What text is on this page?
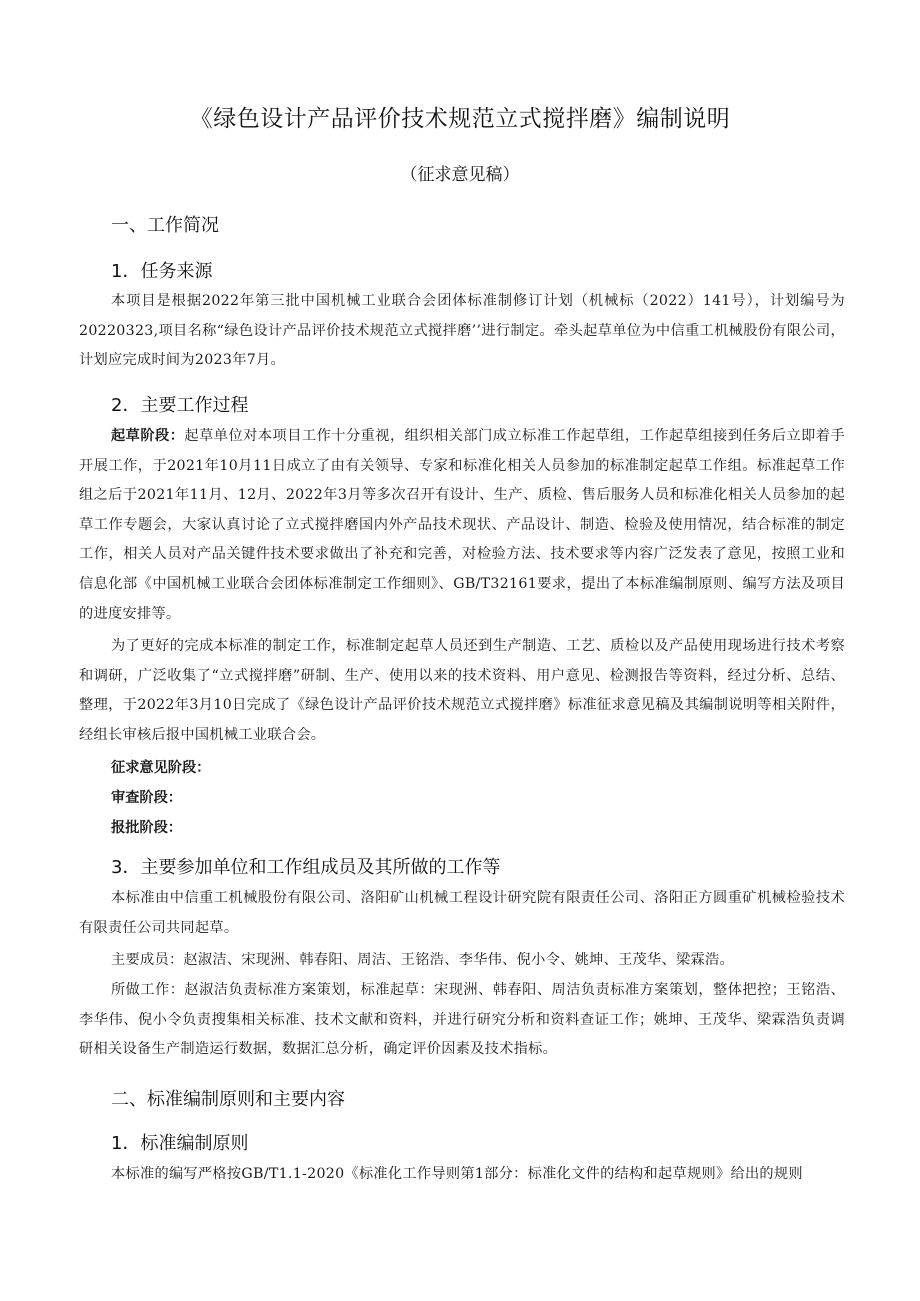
《绿色设计产品评价技术规范立式搅拌磨》编制说明
（征求意见稿）
一、工作简况
1．任务来源

本项目是根据2022年第三批中国机械工业联合会团体标准制修订计划（机械标（2022）141号），计划编号为20220323,项目名称“绿色设计产品评价技术规范立式搅拌磨’’进行制定。牵头起草单位为中信重工机械股份有限公司，计划应完成时间为2023年7月。

2．主要工作过程

起草阶段：起草单位对本项目工作十分重视，组织相关部门成立标准工作起草组，工作起草组接到任务后立即着手开展工作，于2021年10月11日成立了由有关领导、专家和标准化相关人员参加的标准制定起草工作组。标准起草工作组之后于2021年11月、12月、2022年3月等多次召开有设计、生产、质检、售后服务人员和标准化相关人员参加的起草工作专题会，大家认真讨论了立式搅拌磨国内外产品技术现状、产品设计、制造、检验及使用情况，结合标准的制定工作，相关人员对产品关键件技术要求做出了补充和完善，对检验方法、技术要求等内容广泛发表了意见，按照工业和信息化部《中国机械工业联合会团体标准制定工作细则》、GB/T32161要求，提出了本标准编制原则、编写方法及项目的进度安排等。

为了更好的完成本标准的制定工作，标准制定起草人员还到生产制造、工艺、质检以及产品使用现场进行技术考察和调研，广泛收集了“立式搅拌磨”研制、生产、使用以来的技术资料、用户意见、检测报告等资料，经过分析、总结、整理，于2022年3月10日完成了《绿色设计产品评价技术规范立式搅拌磨》标准征求意见稿及其编制说明等相关附件，经组长审核后报中国机械工业联合会。

征求意见阶段：
审查阶段：
报批阶段：
3．主要参加单位和工作组成员及其所做的工作等

本标准由中信重工机械股份有限公司、洛阳矿山机械工程设计研究院有限责任公司、洛阳正方圆重矿机械检验技术有限责任公司共同起草。

主要成员：赵淑洁、宋现洲、韩春阳、周洁、王铭浩、李华伟、倪小令、姚坤、王茂华、梁霖浩。

所做工作：赵淑洁负责标准方案策划，标准起草：宋现洲、韩春阳、周洁负责标准方案策划，整体把控；王铭浩、李华伟、倪小令负责搜集相关标准、技术文献和资料，并进行研究分析和资料查证工作；姚坤、王茂华、梁霖浩负责调研相关设备生产制造运行数据，数据汇总分析，确定评价因素及技术指标。

二、标准编制原则和主要内容
1．标准编制原则

本标准的编写严格按GB/T1.1-2020《标准化工作导则第1部分：标准化文件的结构和起草规则》给出的规则
